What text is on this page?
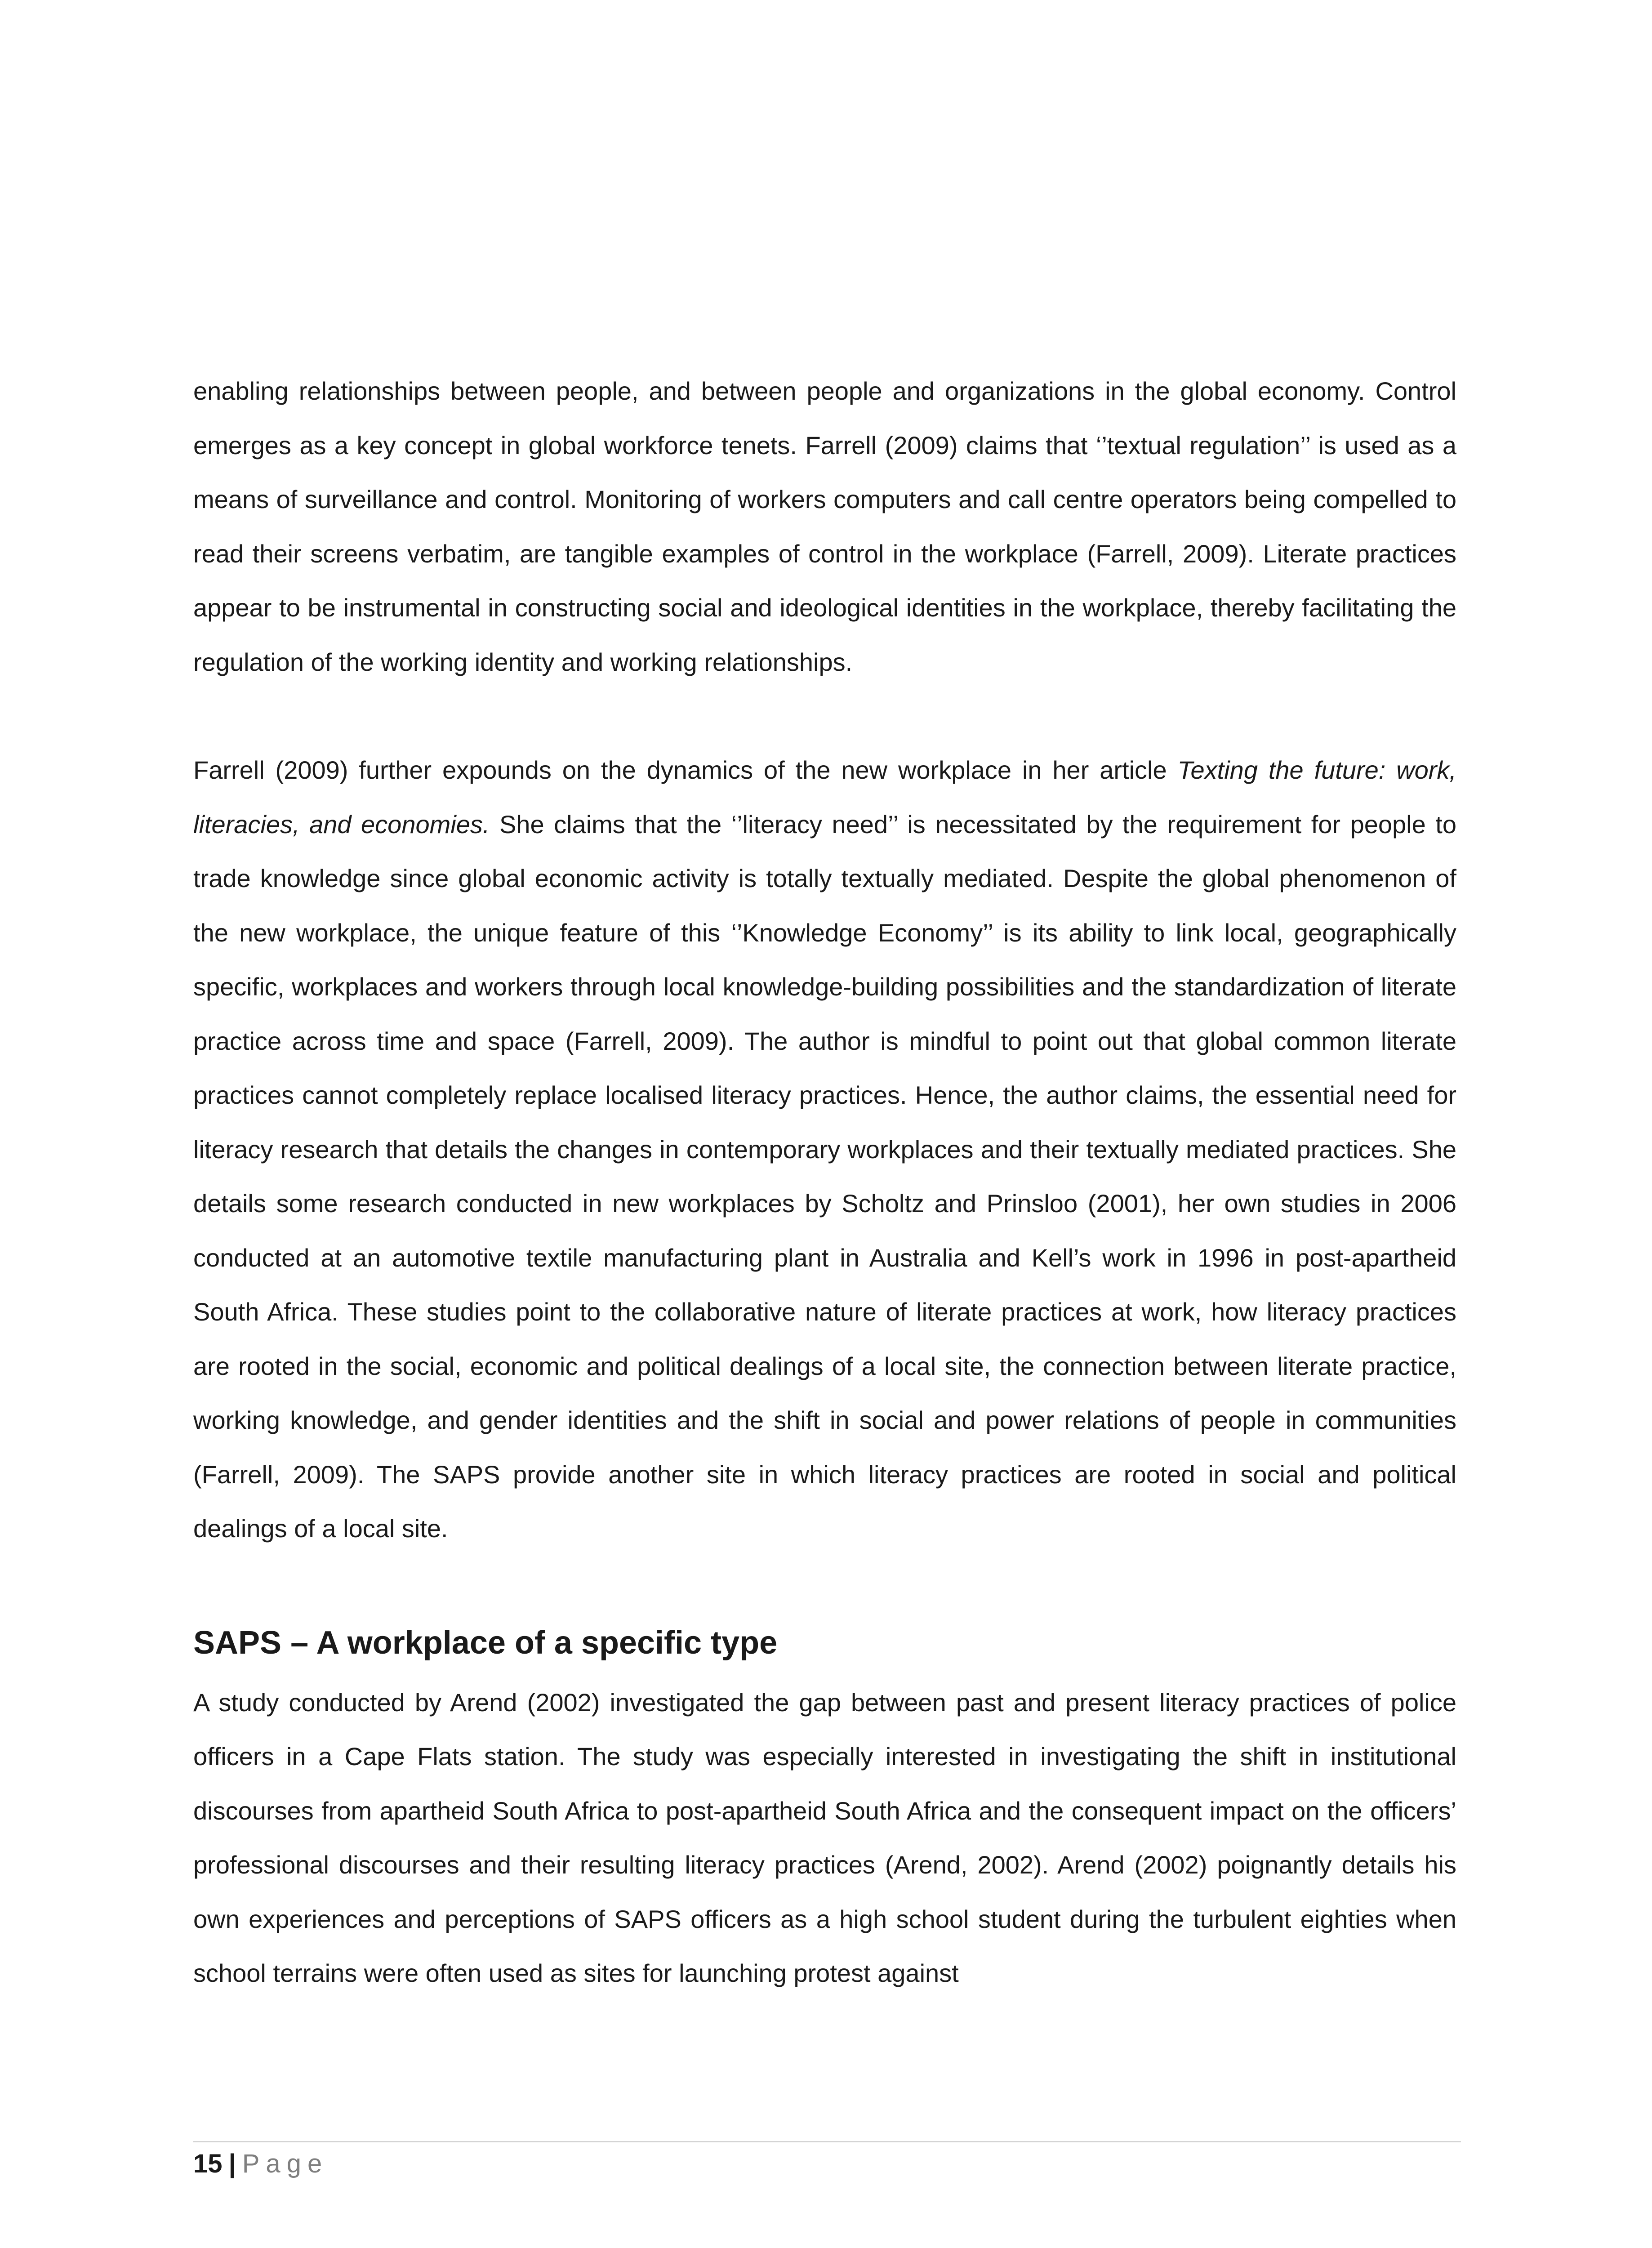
enabling relationships between people, and between people and organizations in the global economy. Control emerges as a key concept in global workforce tenets. Farrell (2009) claims that ‘’textual regulation’’ is used as a means of surveillance and control. Monitoring of workers computers and call centre operators being compelled to read their screens verbatim, are tangible examples of control in the workplace (Farrell, 2009). Literate practices appear to be instrumental in constructing social and ideological identities in the workplace, thereby facilitating the regulation of the working identity and working relationships.

Farrell (2009) further expounds on the dynamics of the new workplace in her article Texting the future: work, literacies, and economies. She claims that the ‘’literacy need’’ is necessitated by the requirement for people to trade knowledge since global economic activity is totally textually mediated. Despite the global phenomenon of the new workplace, the unique feature of this ‘’Knowledge Economy’’ is its ability to link local, geographically specific, workplaces and workers through local knowledge-building possibilities and the standardization of literate practice across time and space (Farrell, 2009). The author is mindful to point out that global common literate practices cannot completely replace localised literacy practices. Hence, the author claims, the essential need for literacy research that details the changes in contemporary workplaces and their textually mediated practices. She details some research conducted in new workplaces by Scholtz and Prinsloo (2001), her own studies in 2006 conducted at an automotive textile manufacturing plant in Australia and Kell’s work in 1996 in post-apartheid South Africa. These studies point to the collaborative nature of literate practices at work, how literacy practices are rooted in the social, economic and political dealings of a local site, the connection between literate practice, working knowledge, and gender identities and the shift in social and power relations of people in communities (Farrell, 2009). The SAPS provide another site in which literacy practices are rooted in social and political dealings of a local site.

SAPS – A workplace of a specific type

A study conducted by Arend (2002) investigated the gap between past and present literacy practices of police officers in a Cape Flats station. The study was especially interested in investigating the shift in institutional discourses from apartheid South Africa to post-apartheid South Africa and the consequent impact on the officers’ professional discourses and their resulting literacy practices (Arend, 2002). Arend (2002) poignantly details his own experiences and perceptions of SAPS officers as a high school student during the turbulent eighties when school terrains were often used as sites for launching protest against

15 | Page
